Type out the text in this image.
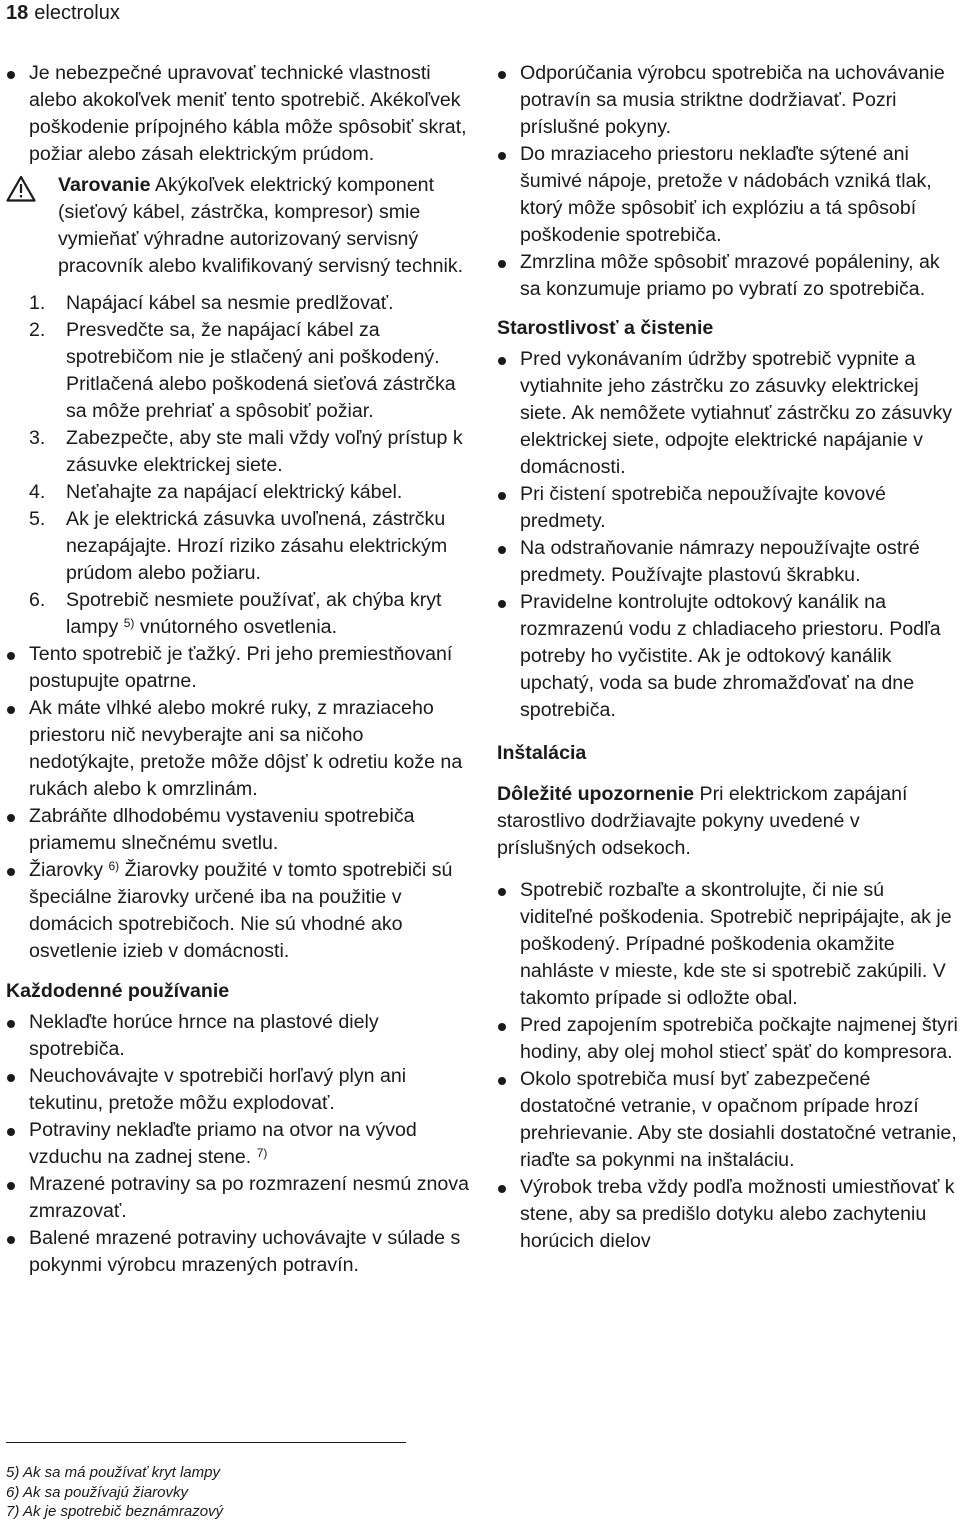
18 electrolux
Je nebezpečné upravovať technické vlastnosti alebo akokoľvek meniť tento spotrebič. Akékoľvek poškodenie prípojného kábla môže spôsobiť skrat, požiar alebo zásah elektrickým prúdom.

Varovanie Akýkoľvek elektrický komponent (sieťový kábel, zástrčka, kompresor) smie vymieňať výhradne autorizovaný servisný pracovník alebo kvalifikovaný servisný technik.

1. Napájací kábel sa nesmie predlžovať.
2. Presvedčte sa, že napájací kábel za spotrebičom nie je stlačený ani poškodený. Pritlačená alebo poškodená sieťová zástrčka sa môže prehriať a spôsobiť požiar.
3. Zabezpečte, aby ste mali vždy voľný prístup k zásuvke elektrickej siete.
4. Neťahajte za napájací elektrický kábel.
5. Ak je elektrická zásuvka uvoľnená, zástrčku nezapájajte. Hrozí riziko zásahu elektrickým prúdom alebo požiaru.
6. Spotrebič nesmiete používať, ak chýba kryt lampy $^{5)}$ vnútorného osvetlenia.
Tento spotrebič je ťažký. Pri jeho premiestňovaní postupujte opatrne.
Ak máte vlhké alebo mokré ruky, z mraziaceho priestoru nič nevyberajte ani sa ničoho nedotýkajte, pretože môže dôjsť k odretiu kože na rukách alebo k omrzlinám.
Zabráňte dlhodobému vystaveniu spotrebiča priamemu slnečnému svetlu.
Žiarovky $^{6)}$ Žiarovky použité v tomto spotrebiči sú špeciálne žiarovky určené iba na použitie v domácich spotrebičoch. Nie sú vhodné ako osvetlenie izieb v domácnosti.

Každodenné používanie

Neklaďte horúce hrnce na plastové diely spotrebiča.
Neuchovávajte v spotrebiči horľavý plyn ani tekutinu, pretože môžu explodovať.
Potraviny neklaďte priamo na otvor na vývod vzduchu na zadnej stene. $^{7)}$
Mrazené potraviny sa po rozmrazení nesmú znova zmrazovať.
Balené mrazené potraviny uchovávajte v súlade s pokynmi výrobcu mrazených potravín.
Odporúčania výrobcu spotrebiča na uchovávanie potravín sa musia striktne dodržiavať. Pozri príslušné pokyny.
Do mraziaceho priestoru neklaďte sýtené ani šumivé nápoje, pretože v nádobách vzniká tlak, ktorý môže spôsobiť ich explóziu a tá spôsobí poškodenie spotrebiča.
Zmrzlina môže spôsobiť mrazové popáleniny, ak sa konzumuje priamo po vybratí zo spotrebiča.

Starostlivosť a čistenie

Pred vykonávaním údržby spotrebič vypnite a vytiahnite jeho zástrčku zo zásuvky elektrickej siete. Ak nemôžete vytiahnuť zástrčku zo zásuvky elektrickej siete, odpojte elektrické napájanie v domácnosti.
Pri čistení spotrebiča nepoužívajte kovové predmety.
Na odstraňovanie námrazy nepoužívajte ostré predmety. Používajte plastovú škrabku.
Pravidelne kontrolujte odtokový kanálik na rozmrazenú vodu z chladiaceho priestoru. Podľa potreby ho vyčistite. Ak je odtokový kanálik upchatý, voda sa bude zhromažďovať na dne spotrebiča.

Inštalácia

Dôležité upozornenie Pri elektrickom zapájaní starostlivo dodržiavajte pokyny uvedené v príslušných odsekoch.

Spotrebič rozbaľte a skontrolujte, či nie sú viditeľné poškodenia. Spotrebič nepripájajte, ak je poškodený. Prípadné poškodenia okamžite nahláste v mieste, kde ste si spotrebič zakúpili. V takomto prípade si odložte obal.
Pred zapojením spotrebiča počkajte najmenej štyri hodiny, aby olej mohol stiecť späť do kompresora.
Okolo spotrebiča musí byť zabezpečené dostatočné vetranie, v opačnom prípade hrozí prehrievanie. Aby ste dosiahli dostatočné vetranie, riaďte sa pokynmi na inštaláciu.
Výrobok treba vždy podľa možnosti umiestňovať k stene, aby sa predišlo dotyku alebo zachyteniu horúcich dielov
5) Ak sa má používať kryt lampy
6) Ak sa používajú žiarovky
7) Ak je spotrebič beznámrazový
